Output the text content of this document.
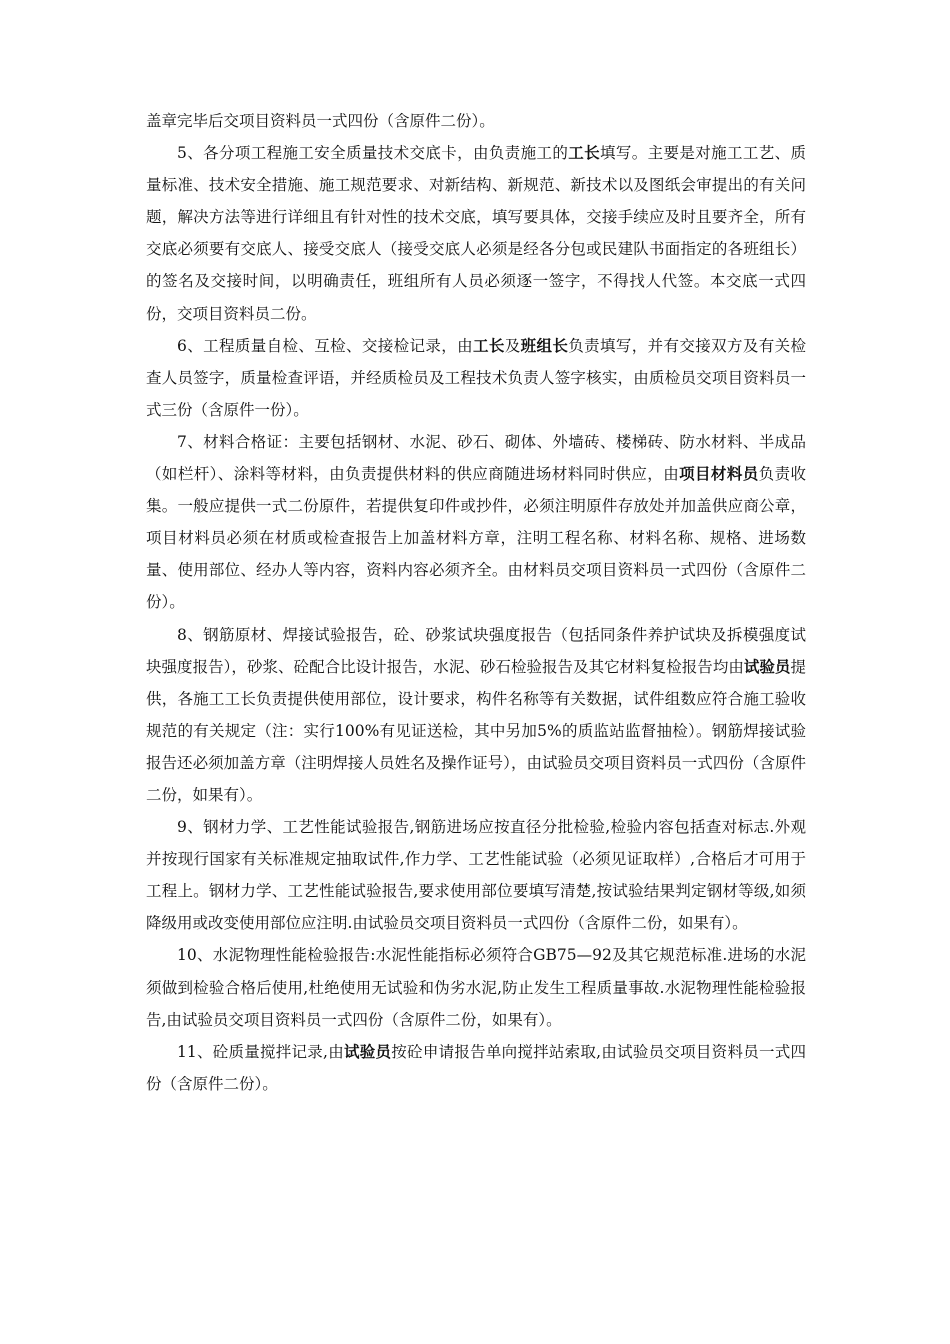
盖章完毕后交项目资料员一式四份（含原件二份）。

5、各分项工程施工安全质量技术交底卡，由负责施工的工长填写。主要是对施工工艺、质量标准、技术安全措施、施工规范要求、对新结构、新规范、新技术以及图纸会审提出的有关问题，解决方法等进行详细且有针对性的技术交底，填写要具体，交接手续应及时且要齐全，所有交底必须要有交底人、接受交底人（接受交底人必须是经各分包或民建队书面指定的各班组长）的签名及交接时间，以明确责任，班组所有人员必须逐一签字，不得找人代签。本交底一式四份，交项目资料员二份。

6、工程质量自检、互检、交接检记录，由工长及班组长负责填写，并有交接双方及有关检查人员签字，质量检查评语，并经质检员及工程技术负责人签字核实，由质检员交项目资料员一式三份（含原件一份）。

7、材料合格证：主要包括钢材、水泥、砂石、砌体、外墙砖、楼梯砖、防水材料、半成品（如栏杆）、涂料等材料，由负责提供材料的供应商随进场材料同时供应，由项目材料员负责收集。一般应提供一式二份原件，若提供复印件或抄件，必须注明原件存放处并加盖供应商公章，项目材料员必须在材质或检查报告上加盖材料方章，注明工程名称、材料名称、规格、进场数量、使用部位、经办人等内容，资料内容必须齐全。由材料员交项目资料员一式四份（含原件二份）。

8、钢筋原材、焊接试验报告，砼、砂浆试块强度报告（包括同条件养护试块及拆模强度试块强度报告），砂浆、砼配合比设计报告，水泥、砂石检验报告及其它材料复检报告均由试验员提供，各施工工长负责提供使用部位，设计要求，构件名称等有关数据，试件组数应符合施工验收规范的有关规定（注：实行100%有见证送检，其中另加5%的质监站监督抽检）。钢筋焊接试验报告还必须加盖方章（注明焊接人员姓名及操作证号），由试验员交项目资料员一式四份（含原件二份，如果有）。

9、钢材力学、工艺性能试验报告,钢筋进场应按直径分批检验,检验内容包括查对标志.外观并按现行国家有关标准规定抽取试件,作力学、工艺性能试验（必须见证取样）,合格后才可用于工程上。钢材力学、工艺性能试验报告,要求使用部位要填写清楚,按试验结果判定钢材等级,如须降级用或改变使用部位应注明.由试验员交项目资料员一式四份（含原件二份，如果有）。

10、水泥物理性能检验报告:水泥性能指标必须符合GB75—92及其它规范标准.进场的水泥须做到检验合格后使用,杜绝使用无试验和伪劣水泥,防止发生工程质量事故.水泥物理性能检验报告,由试验员交项目资料员一式四份（含原件二份，如果有）。

11、砼质量搅拌记录,由试验员按砼申请报告单向搅拌站索取,由试验员交项目资料员一式四份（含原件二份）。
